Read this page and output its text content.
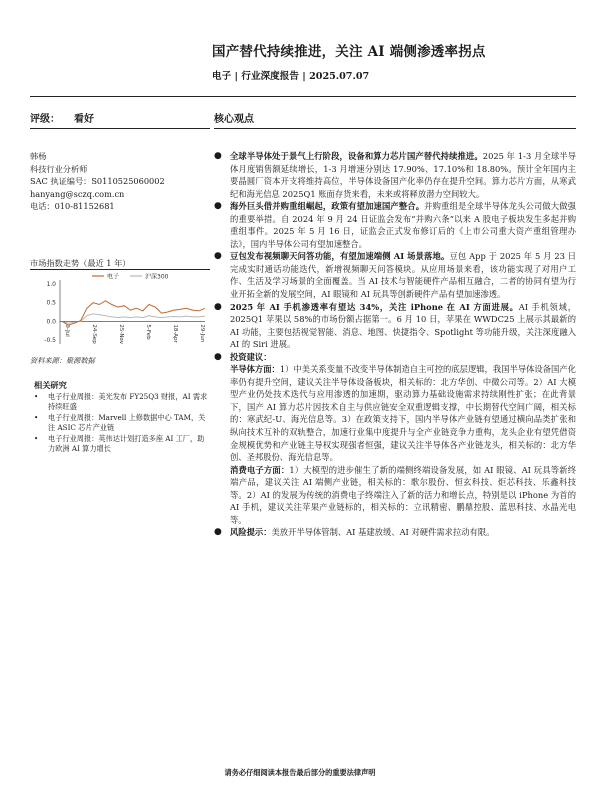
国产替代持续推进，关注 AI 端侧渗透率拐点
电子 | 行业深度报告 | 2025.07.07
评级： 看好	核心观点
韩杨
科技行业分析师
SAC 执证编号：S0110525060002
hanyang@sczq.com.cn
电话：010-81152681
市场指数走势（最近 1 年）
电子	沪深300
1.0
0.5
0.0
-0.5
9-Jul	24-Sep	25-Nov	5-Feb	18-Apr	29-Jun
资料来源：聚源数据
相关研究
•	电子行业周报：美光发布 FY25Q3 财报，AI 需求持续旺盛
•	电子行业周报：Marvell 上修数据中心 TAM，关注 ASIC 芯片产业链
•	电子行业周报：英伟达计划打造多座 AI 工厂，助力欧洲 AI 算力增长
● 全球半导体处于景气上行阶段，设备和算力芯片国产替代持续推进。2025 年 1-3 月全球半导体月度销售额延续增长，1-3 月增速分别达 17.90%、17.10%和 18.80%。预计全年国内主要晶圆厂资本开支将维持高位，半导体设备国产化率仍存在提升空间。算力芯片方面，从寒武纪和海光信息 2025Q1 账面存货来看，未来或将释放潜力空间较大。
● 海外巨头借并购重组崛起，政策有望加速国产整合。并购重组是全球半导体龙头公司做大做强的重要举措。自 2024 年 9 月 24 日证监会发布“并购六条”以来 A 股电子板块发生多起并购重组事件。2025 年 5 月 16 日，证监会正式发布修订后的《上市公司重大资产重组管理办法》，国内半导体公司有望加速整合。
● 豆包发布视频聊天问答功能，有望加速端侧 AI 场景落地。豆包 App 于 2025 年 5 月 23 日完成实时通话功能迭代，新增视频聊天问答模块。从应用场景来看，该功能实现了对用户工作、生活及学习场景的全面覆盖。当 AI 技术与智能硬件产品相互融合，二者的协同有望为行业开拓全新的发展空间，AI 眼镜和 AI 玩具等创新硬件产品有望加速渗透。
● 2025 年 AI 手机渗透率有望达 34%，关注 iPhone 在 AI 方面进展。AI 手机领域，2025Q1 苹果以 58%的市场份额占据第一。6 月 10 日，苹果在 WWDC25 上展示其最新的 AI 功能，主要包括视觉智能、消息、地图、快捷指令、Spotlight 等功能升级，关注深度融入 AI 的 Siri 进展。
● 投资建议：
半导体方面：1）中美关系变量不改变半导体制造自主可控的底层逻辑，我国半导体设备国产化率仍有提升空间，建议关注半导体设备板块，相关标的：北方华创、中微公司等。2）AI 大模型产业仍处技术迭代与应用渗透的加速期，驱动算力基础设施需求持续刚性扩张；在此背景下，国产 AI 算力芯片因技术自主与供应链安全双重逻辑支撑，中长期替代空间广阔，相关标的：寒武纪-U、海光信息等。3）在政策支持下，国内半导体产业链有望通过横向品类扩张和纵向技术互补的双轨整合，加速行业集中度提升与全产业链竞争力重构，龙头企业有望凭借资金规模优势和产业链主导权实现强者恒强，建议关注半导体各产业链龙头，相关标的：北方华创、圣邦股份、海光信息等。
消费电子方面：1）大模型的进步催生了新的端侧终端设备发展，如 AI 眼镜、AI 玩具等新终端产品，建议关注 AI 端侧产业链，相关标的：歌尔股份、恒玄科技、炬芯科技、乐鑫科技等。2）AI 的发展为传统的消费电子终端注入了新的活力和增长点，特别是以 iPhone 为首的 AI 手机，建议关注苹果产业链标的，相关标的：立讯精密、鹏鼎控股、蓝思科技、水晶光电等。
● 风险提示：美放开半导体管制、AI 基建放缓、AI 对硬件需求拉动有限。
请务必仔细阅读本报告最后部分的重要法律声明
